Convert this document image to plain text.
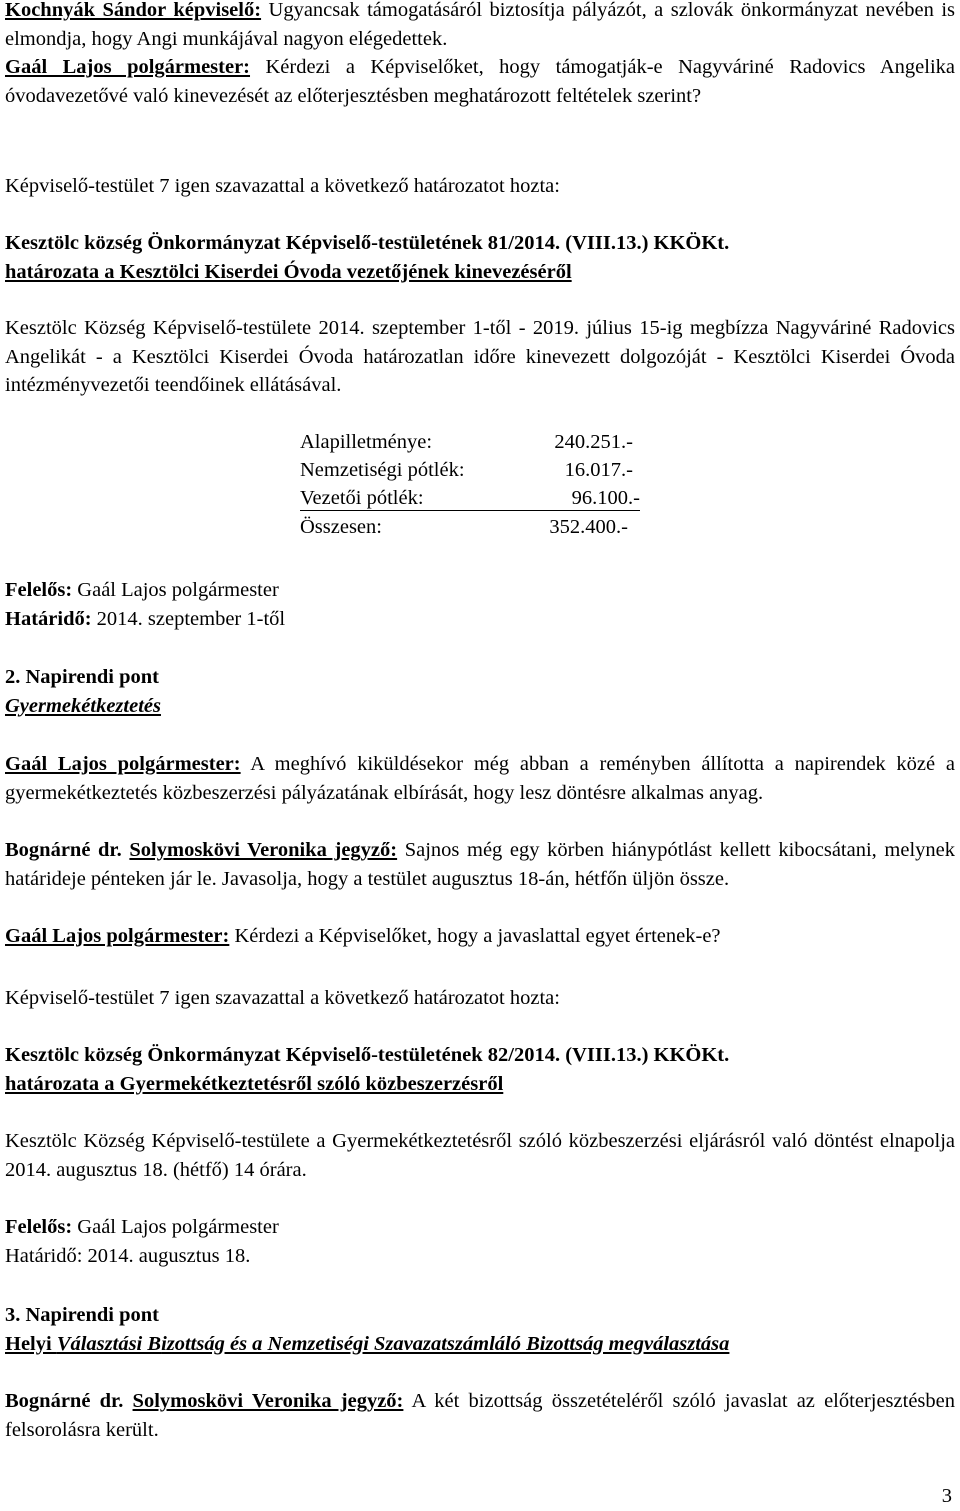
Kochnyák Sándor képviselő: Ugyancsak támogatásáról biztosítja pályázót, a szlovák önkormányzat nevében is elmondja, hogy Angi munkájával nagyon elégedettek.

Gaál Lajos polgármester: Kérdezi a Képviselőket, hogy támogatják-e Nagyváriné Radovics Angelika óvodavezetővé való kinevezését az előterjesztésben meghatározott feltételek szerint?

Képviselő-testület 7 igen szavazattal a következő határozatot hozta:

Kesztölc község Önkormányzat Képviselő-testületének 81/2014. (VIII.13.) KKÖKt.

határozata a Kesztölci Kiserdei Óvoda vezetőjének kinevezéséről

Kesztölc Község Képviselő-testülete 2014. szeptember 1-től - 2019. július 15-ig megbízza Nagyváriné Radovics Angelikát - a Kesztölci Kiserdei Óvoda határozatlan időre kinevezett dolgozóját - Kesztölci Kiserdei Óvoda intézményvezetői teendőinek ellátásával.

Alapilletménye:	240.251.-
Nemzetiségi pótlék:	16.017.-
Vezetői pótlék:	96.100.-
Összesen:	352.400.-

Felelős: Gaál Lajos polgármester

Határidő: 2014. szeptember 1-től

2. Napirendi pont

Gyermekétkeztetés

Gaál Lajos polgármester: A meghívó kiküldésekor még abban a reményben állította a napirendek közé a gyermekétkeztetés közbeszerzési pályázatának elbírását, hogy lesz döntésre alkalmas anyag.

Bognárné dr. Solymoskövi Veronika jegyző: Sajnos még egy körben hiánypótlást kellett kibocsátani, melynek határideje pénteken jár le. Javasolja, hogy a testület augusztus 18-án, hétfőn üljön össze.

Gaál Lajos polgármester: Kérdezi a Képviselőket, hogy a javaslattal egyet értenek-e?

Képviselő-testület 7 igen szavazattal a következő határozatot hozta:

Kesztölc község Önkormányzat Képviselő-testületének 82/2014. (VIII.13.) KKÖKt.

határozata a Gyermekétkeztetésről szóló közbeszerzésről

Kesztölc Község Képviselő-testülete a Gyermekétkeztetésről szóló közbeszerzési eljárásról való döntést elnapolja 2014. augusztus 18. (hétfő) 14 órára.

Felelős: Gaál Lajos polgármester

Határidő: 2014. augusztus 18.

3. Napirendi pont

Helyi Választási Bizottság és a Nemzetiségi Szavazatszámláló Bizottság megválasztása

Bognárné dr. Solymoskövi Veronika jegyző: A két bizottság összetételéről szóló javaslat az előterjesztésben felsorolásra került.

3
